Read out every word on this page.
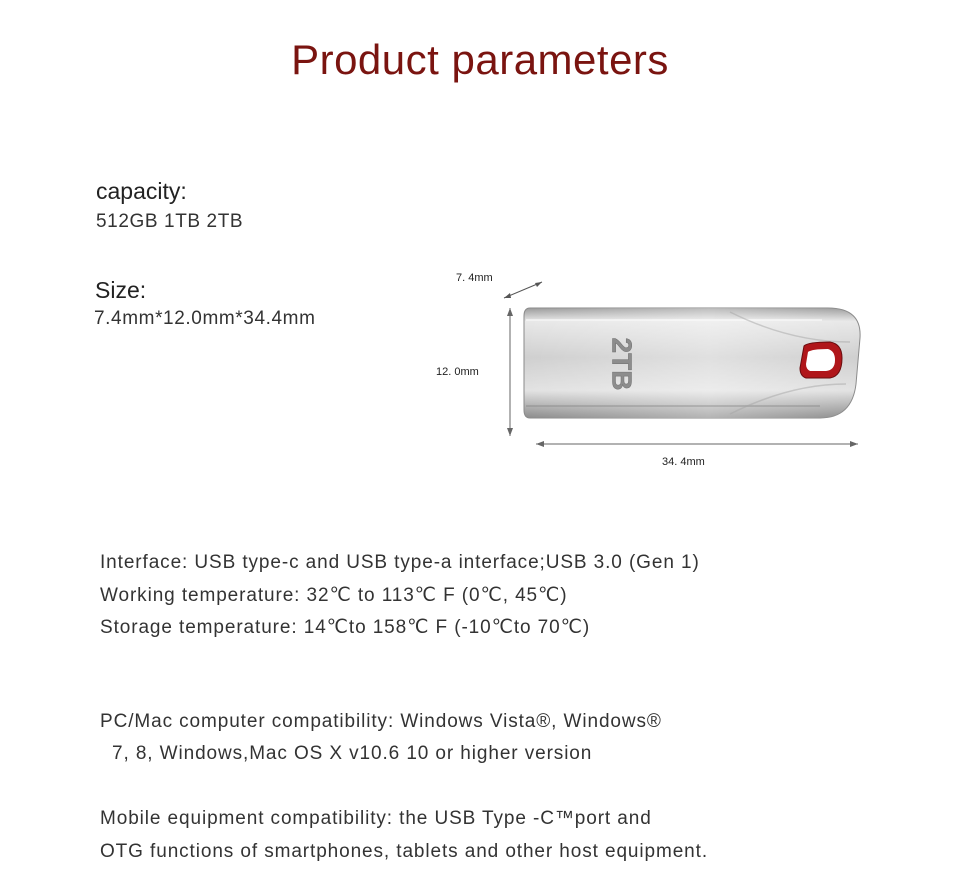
Product parameters
capacity:
512GB 1TB 2TB
Size:
7.4mm*12.0mm*34.4mm
2TB
7. 4mm
12. 0mm
34. 4mm
Interface: USB type-c and USB type-a interface;USB 3.0 (Gen 1)
Working temperature: 32℃ to 113℃ F (0℃, 45℃)
Storage temperature: 14℃to 158℃ F (-10℃to 70℃)
PC/Mac computer compatibility: Windows Vista®, Windows®
7, 8, Windows,Mac OS X v10.6 10 or higher version
Mobile equipment compatibility: the USB Type -C™port and
OTG functions of smartphones, tablets and other host equipment.
